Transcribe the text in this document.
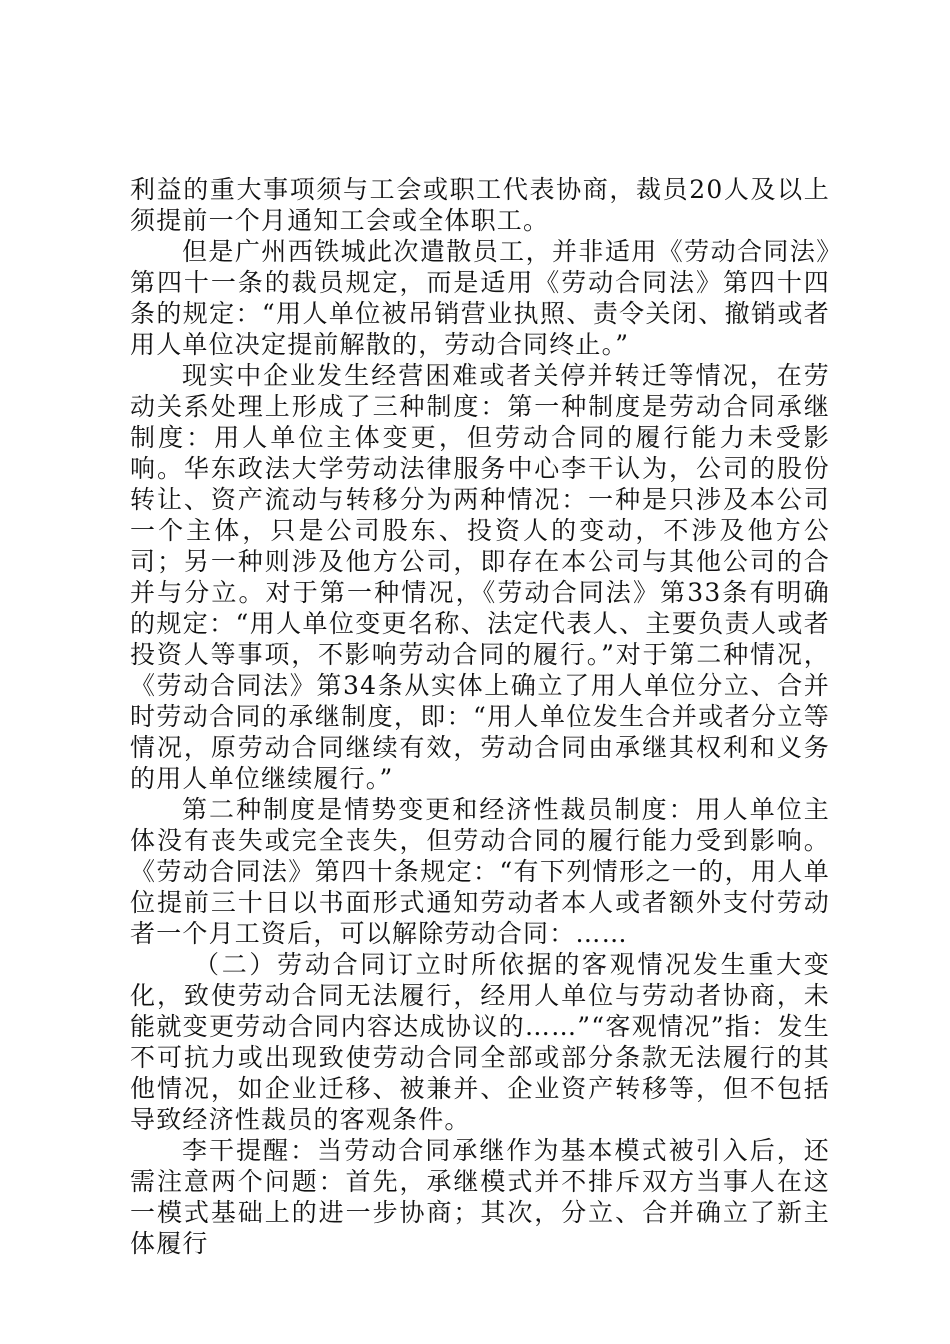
利益的重大事项须与工会或职工代表协商，裁员20人及以上须提前一个月通知工会或全体职工。

但是广州西铁城此次遣散员工，并非适用《劳动合同法》第四十一条的裁员规定，而是适用《劳动合同法》第四十四条的规定：“用人单位被吊销营业执照、责令关闭、撤销或者用人单位决定提前解散的，劳动合同终止。”

现实中企业发生经营困难或者关停并转迁等情况，在劳动关系处理上形成了三种制度：第一种制度是劳动合同承继制度：用人单位主体变更，但劳动合同的履行能力未受影响。华东政法大学劳动法律服务中心李干认为，公司的股份转让、资产流动与转移分为两种情况：一种是只涉及本公司一个主体，只是公司股东、投资人的变动，不涉及他方公司；另一种则涉及他方公司，即存在本公司与其他公司的合并与分立。对于第一种情况，《劳动合同法》第33条有明确的规定：“用人单位变更名称、法定代表人、主要负责人或者投资人等事项，不影响劳动合同的履行。”对于第二种情况，《劳动合同法》第34条从实体上确立了用人单位分立、合并时劳动合同的承继制度，即：“用人单位发生合并或者分立等情况，原劳动合同继续有效，劳动合同由承继其权利和义务的用人单位继续履行。”

第二种制度是情势变更和经济性裁员制度：用人单位主体没有丧失或完全丧失，但劳动合同的履行能力受到影响。《劳动合同法》第四十条规定：“有下列情形之一的，用人单位提前三十日以书面形式通知劳动者本人或者额外支付劳动者一个月工资后，可以解除劳动合同：……

（二）劳动合同订立时所依据的客观情况发生重大变化，致使劳动合同无法履行，经用人单位与劳动者协商，未能就变更劳动合同内容达成协议的……”“客观情况”指：发生不可抗力或出现致使劳动合同全部或部分条款无法履行的其他情况，如企业迁移、被兼并、企业资产转移等，但不包括导致经济性裁员的客观条件。

李干提醒：当劳动合同承继作为基本模式被引入后，还需注意两个问题：首先，承继模式并不排斥双方当事人在这一模式基础上的进一步协商；其次，分立、合并确立了新主体履行
